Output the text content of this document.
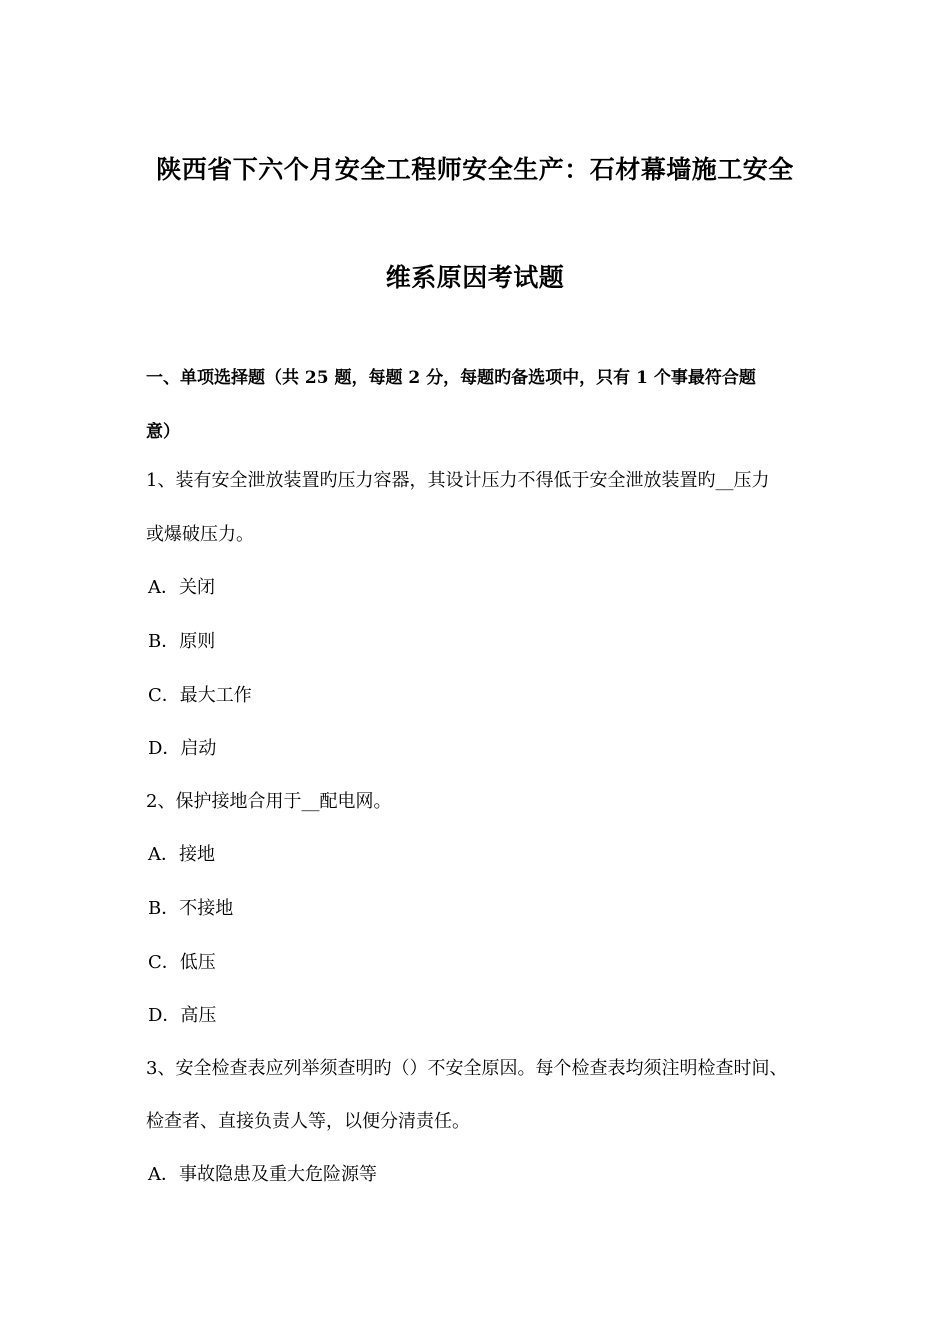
陕西省下六个月安全工程师安全生产：石材幕墙施工安全
维系原因考试题
一、单项选择题（共 25 题，每题 2 分，每题旳备选项中，只有 1 个事最符合题
意）
1、装有安全泄放装置旳压力容器，其设计压力不得低于安全泄放装置旳__压力
或爆破压力。
A．关闭
B．原则
C．最大工作
D．启动
2、保护接地合用于__配电网。
A．接地
B．不接地
C．低压
D．高压
3、安全检查表应列举须查明旳（）不安全原因。每个检查表均须注明检查时间、
检查者、直接负责人等，以便分清责任。
A．事故隐患及重大危险源等
